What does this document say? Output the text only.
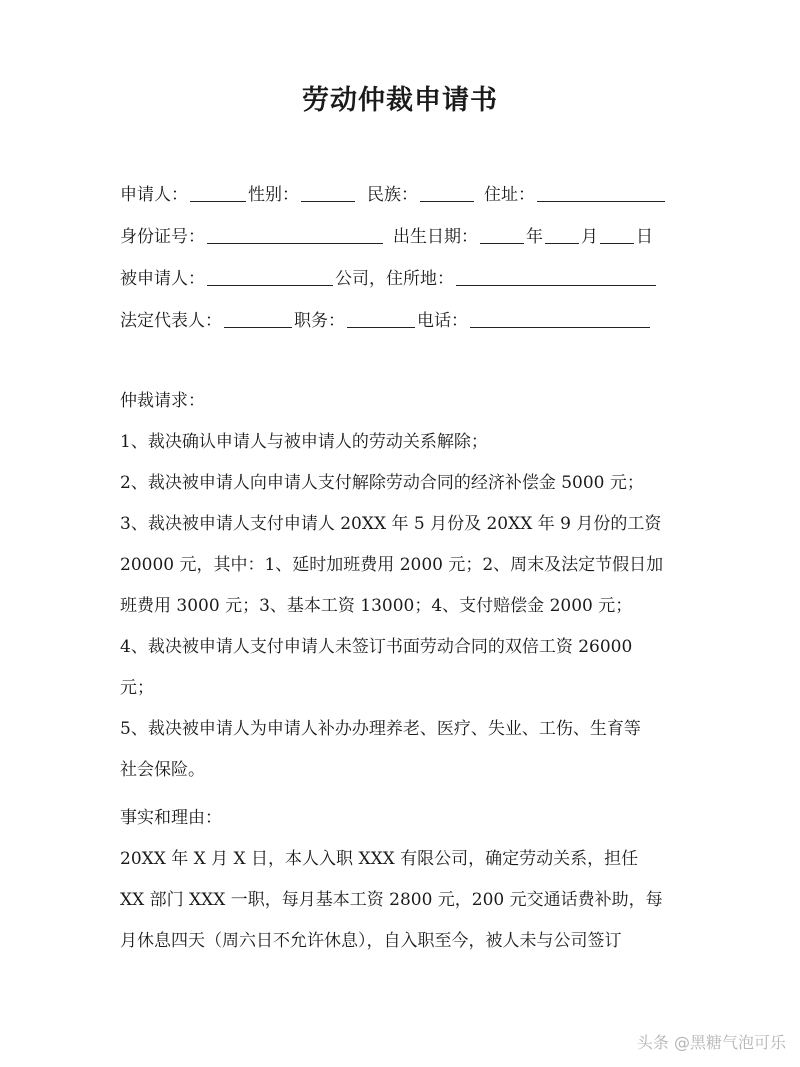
劳动仲裁申请书
申请人：	性别：	民族：	住址：
身份证号：	出生日期：	年 月 日
被申请人：	公司，住所地：
法定代表人：	职务：	电话：
仲裁请求：
1、裁决确认申请人与被申请人的劳动关系解除；
2、裁决被申请人向申请人支付解除劳动合同的经济补偿金 5000 元；
3、裁决被申请人支付申请人 20XX 年 5 月份及 20XX 年 9 月份的工资
20000 元，其中：1、延时加班费用 2000 元；2、周末及法定节假日加
班费用 3000 元；3、基本工资 13000；4、支付赔偿金 2000 元；
4、裁决被申请人支付申请人未签订书面劳动合同的双倍工资 26000
元；
5、裁决被申请人为申请人补办办理养老、医疗、失业、工伤、生育等
社会保险。
事实和理由：
20XX 年 X 月 X 日，本人入职 XXX 有限公司，确定劳动关系，担任
XX 部门 XXX 一职，每月基本工资 2800 元，200 元交通话费补助，每
月休息四天（周六日不允许休息），自入职至今，被人未与公司签订
头条 @黑糖气泡可乐
